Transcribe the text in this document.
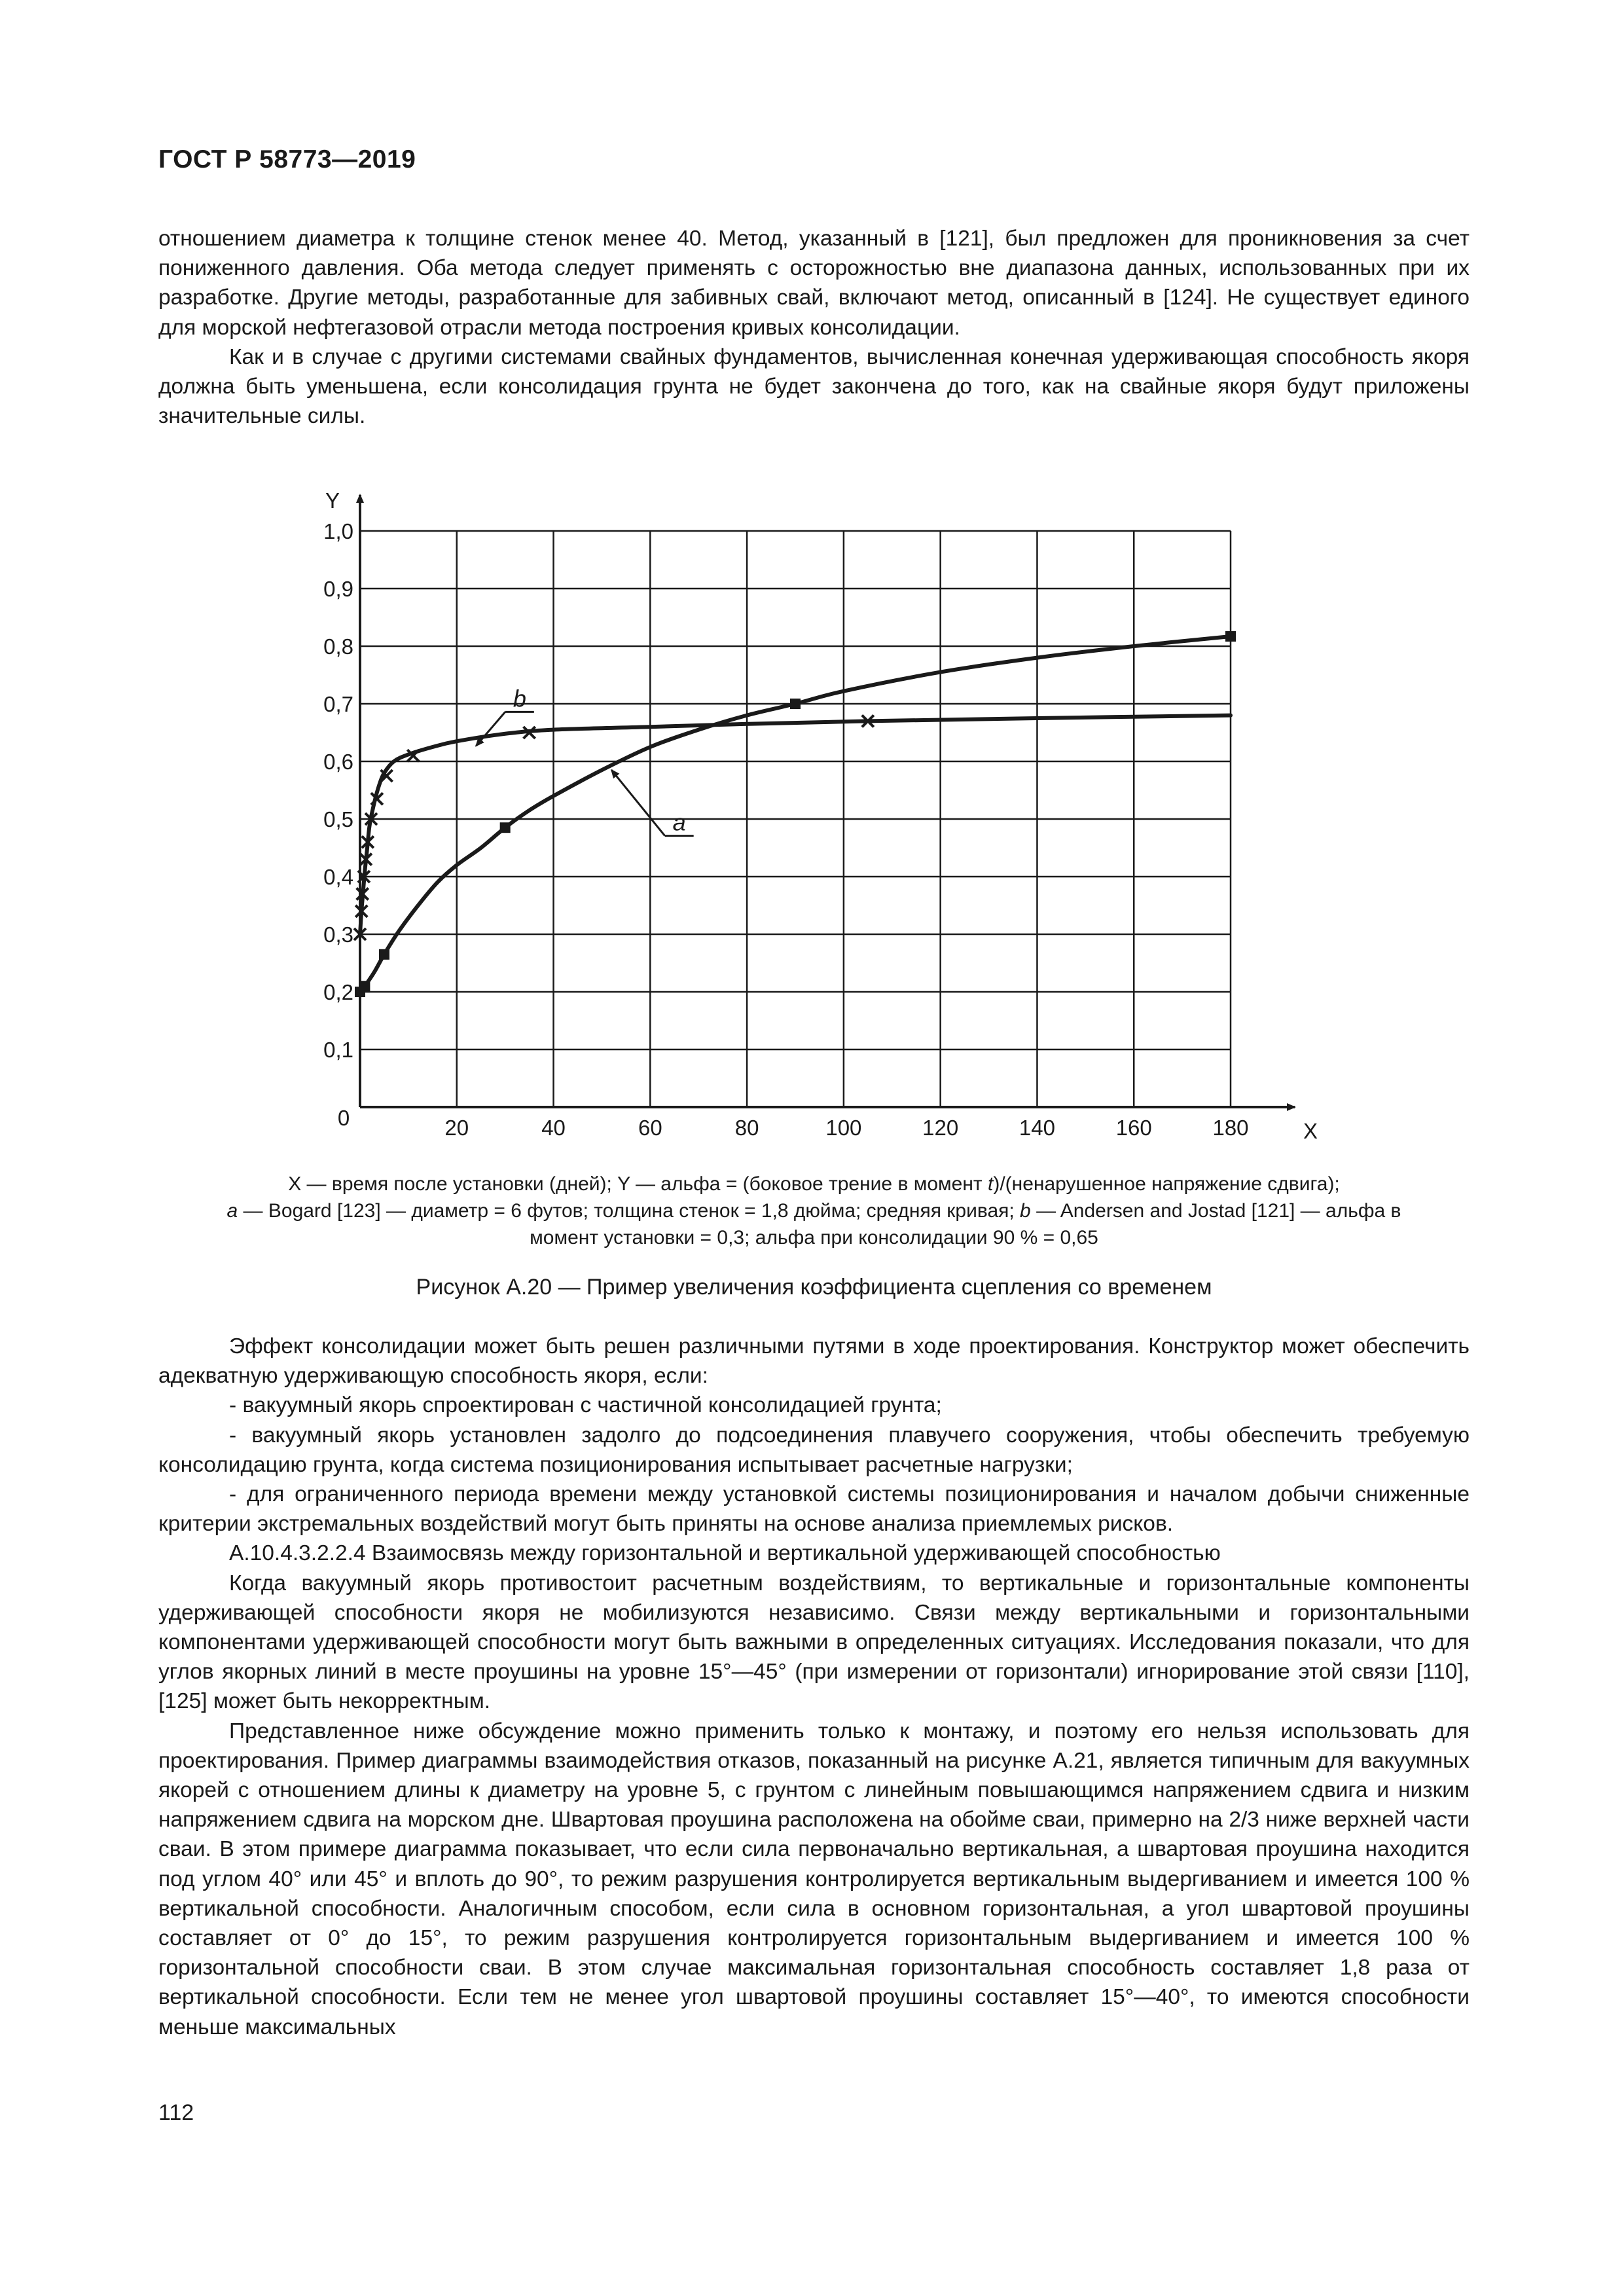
ГОСТ Р 58773—2019

отношением диаметра к толщине стенок менее 40. Метод, указанный в [121], был предложен для проникновения за счет пониженного давления. Оба метода следует применять с осторожностью вне диапазона данных, использованных при их разработке. Другие методы, разработанные для забивных свай, включают метод, описанный в [124]. Не существует единого для морской нефтегазовой отрасли метода построения кривых консолидации.

Как и в случае с другими системами свайных фундаментов, вычисленная конечная удерживающая способность якоря должна быть уменьшена, если консолидация грунта не будет закончена до того, как на свайные якоря будут приложены значительные силы.

20	40	60	80	100	120	140	160	180
0,1
0,2
0,3
0,4
0,5
0,6
0,7
0,8
0,9
1,0
0
Y
X
a
b
X — время после установки (дней); Y — альфа = (боковое трение в момент t)/(ненарушенное напряжение сдвига);
a — Bogard [123] — диаметр = 6 футов; толщина стенок = 1,8 дюйма; средняя кривая; b — Andersen and Jostad [121] — альфа в
момент установки = 0,3; альфа при консолидации 90 % = 0,65
Рисунок А.20 — Пример увеличения коэффициента сцепления со временем

Эффект консолидации может быть решен различными путями в ходе проектирования. Конструктор может обеспечить адекватную удерживающую способность якоря, если:

- вакуумный якорь спроектирован с частичной консолидацией грунта;

- вакуумный якорь установлен задолго до подсоединения плавучего сооружения, чтобы обеспечить требуемую консолидацию грунта, когда система позиционирования испытывает расчетные нагрузки;

- для ограниченного периода времени между установкой системы позиционирования и началом добычи сниженные критерии экстремальных воздействий могут быть приняты на основе анализа приемлемых рисков.

А.10.4.3.2.2.4 Взаимосвязь между горизонтальной и вертикальной удерживающей способностью

Когда вакуумный якорь противостоит расчетным воздействиям, то вертикальные и горизонтальные компоненты удерживающей способности якоря не мобилизуются независимо. Связи между вертикальными и горизонтальными компонентами удерживающей способности могут быть важными в определенных ситуациях. Исследования показали, что для углов якорных линий в месте проушины на уровне 15°—45° (при измерении от горизонтали) игнорирование этой связи [110], [125] может быть некорректным.

Представленное ниже обсуждение можно применить только к монтажу, и поэтому его нельзя использовать для проектирования. Пример диаграммы взаимодействия отказов, показанный на рисунке А.21, является типичным для вакуумных якорей с отношением длины к диаметру на уровне 5, с грунтом с линейным повышающимся напряжением сдвига и низким напряжением сдвига на морском дне. Швартовая проушина расположена на обойме сваи, примерно на 2/3 ниже верхней части сваи. В этом примере диаграмма показывает, что если сила первоначально вертикальная, а швартовая проушина находится под углом 40° или 45° и вплоть до 90°, то режим разрушения контролируется вертикальным выдергиванием и имеется 100 % вертикальной способности. Аналогичным способом, если сила в основном горизонтальная, а угол швартовой проушины составляет от 0° до 15°, то режим разрушения контролируется горизонтальным выдергиванием и имеется 100 % горизонтальной способности сваи. В этом случае максимальная горизонтальная способность составляет 1,8 раза от вертикальной способности. Если тем не менее угол швартовой проушины составляет 15°—40°, то имеются способности меньше максимальных

112
